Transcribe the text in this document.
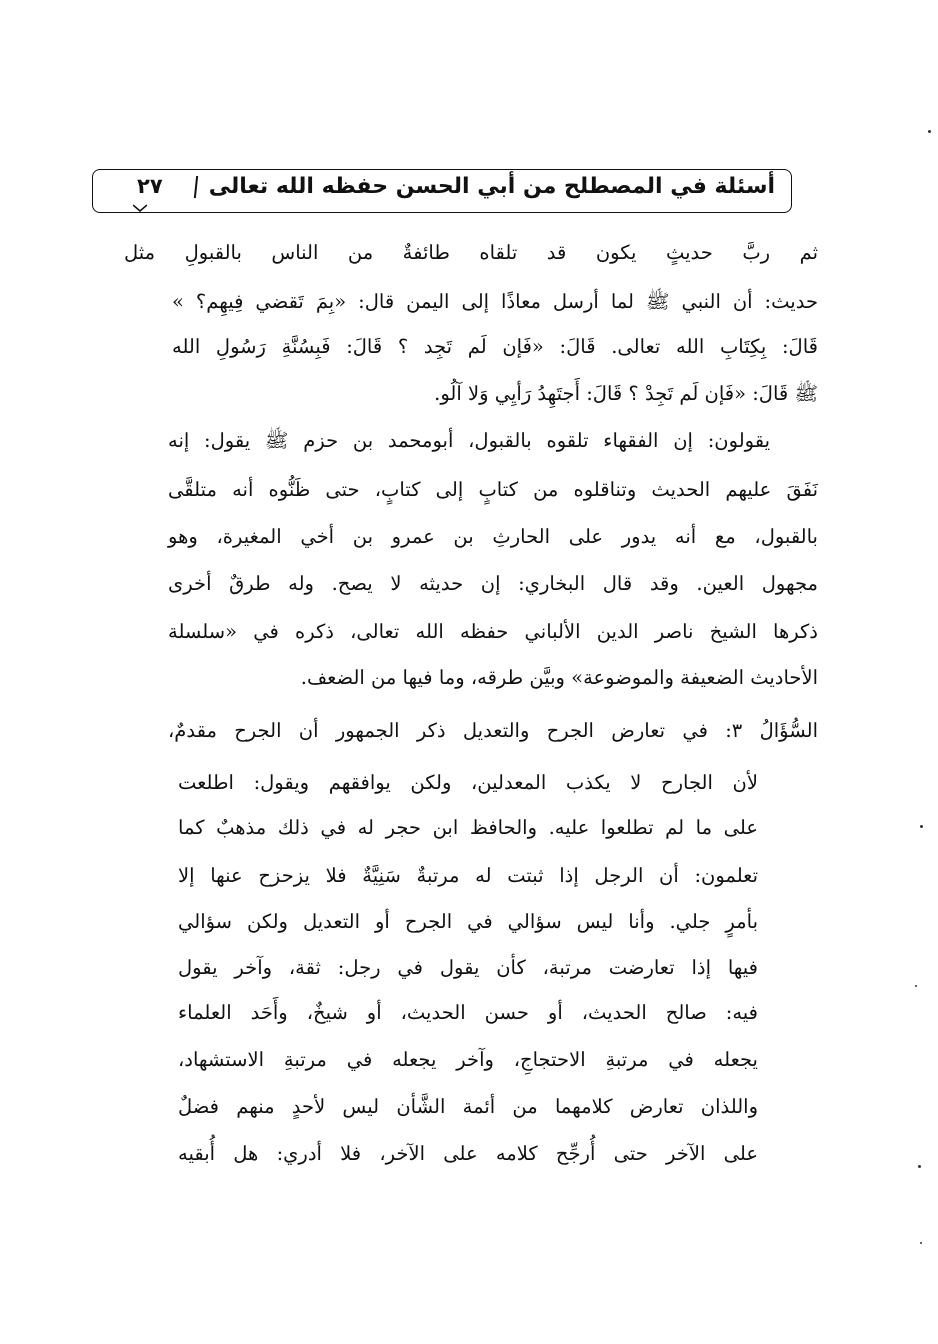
أسئلة في المصطلح من أبي الحسن حفظه الله تعالى
٢٧
ثم ربَّ حديثٍ يكون قد تلقاه طائفةٌ من الناس بالقبولِ مثل
حديث: أن النبي ﷺ لما أرسل معاذًا إلى اليمن قال: «بِمَ تَقضي فِيهِم؟ »
قَالَ: بِكِتَابِ الله تعالى. قَالَ: «فَإن لَم تَجِد ؟ قَالَ: فَبِسُنَّةِ رَسُولِ الله
ﷺ قَالَ: «فَإن لَم تَجِدْ ؟ قَالَ: أَجتَهِدُ رَأيِي وَلا آلُو.
يقولون: إن الفقهاء تلقوه بالقبول، أبومحمد بن حزم ﷺ يقول: إنه
نَفَقَ عليهم الحديث وتناقلوه من كتابٍ إلى كتابٍ، حتى ظَنُّوه أنه متلقَّى
بالقبول، مع أنه يدور على الحارثِ بن عمرو بن أخي المغيرة، وهو
مجهول العين. وقد قال البخاري: إن حديثه لا يصح. وله طرقٌ أخرى
ذكرها الشيخ ناصر الدين الألباني حفظه الله تعالى، ذكره في «سلسلة
الأحاديث الضعيفة والموضوعة» وبيَّن طرقه، وما فيها من الضعف.
السُّؤَالُ ٣: في تعارض الجرح والتعديل ذكر الجمهور أن الجرح مقدمٌ،
لأن الجارح لا يكذب المعدلين، ولكن يوافقهم ويقول: اطلعت
على ما لم تطلعوا عليه. والحافظ ابن حجر له في ذلك مذهبٌ كما
تعلمون: أن الرجل إذا ثبتت له مرتبةٌ سَنِيَّةٌ فلا يزحزح عنها إلا
بأمرٍ جلي. وأنا ليس سؤالي في الجرح أو التعديل ولكن سؤالي
فيها إذا تعارضت مرتبة، كأن يقول في رجل: ثقة، وآخر يقول
فيه: صالح الحديث، أو حسن الحديث، أو شيخٌ، وأَحَد العلماء
يجعله في مرتبةِ الاحتجاجِ، وآخر يجعله في مرتبةِ الاستشهاد،
واللذان تعارض كلامهما من أئمة الشَّأن ليس لأحدٍ منهم فضلٌ
على الآخر حتى أُرجِّح كلامه على الآخر، فلا أدري: هل أُبقيه
